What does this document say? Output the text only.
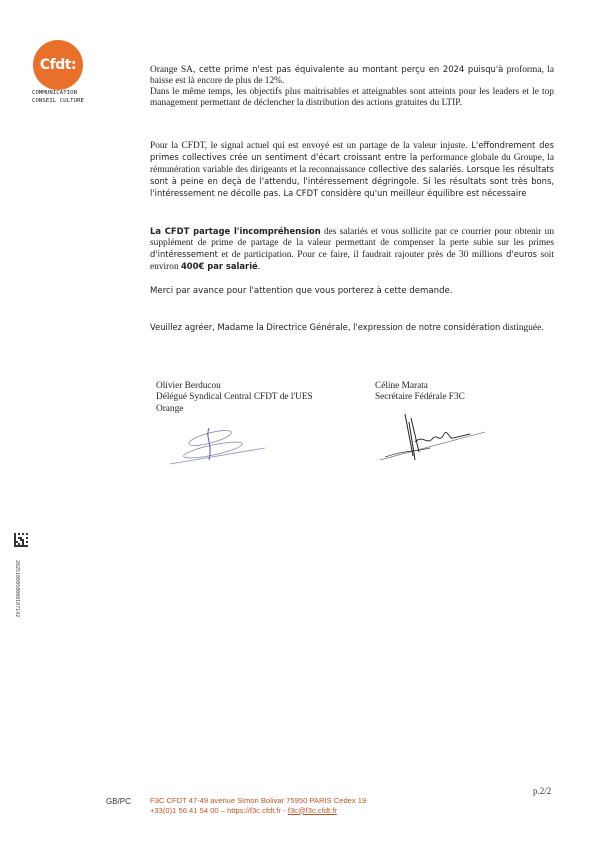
Cfdt:
COMMUNICATION
CONSEIL CULTURE
Orange SA, cette prime n'est pas équivalente au montant perçu en 2024 puisqu'à proforma, la baisse est là encore de plus de 12%.
Dans le même temps, les objectifs plus maitrisables et atteignables sont atteints pour les leaders et le top management permettant de déclencher la distribution des actions gratuites du LTIP.
Pour la CFDT, le signal actuel qui est envoyé est un partage de la valeur injuste. L'effondrement des primes collectives crée un sentiment d'écart croissant entre la performance globale du Groupe, la rémunération variable des dirigeants et la reconnaissance collective des salariés. Lorsque les résultats sont à peine en deçà de l'attendu, l'intéressement dégringole. Si les résultats sont très bons, l'intéressement ne décolle pas. La CFDT considère qu'un meilleur équilibre est nécessaire
La CFDT partage l'incompréhension des salariés et vous sollicite par ce courrier pour obtenir un supplément de prime de partage de la valeur permettant de compenser la perte subie sur les primes d'intéressement et de participation. Pour ce faire, il faudrait rajouter près de 30 millions d'euros soit environ 400€ par salarié.
Merci par avance pour l'attention que vous porterez à cette demande.
Veuillez agréer, Madame la Directrice Générale, l'expression de notre considération distinguée.
Olivier Berducou
Délégué Syndical Central CFDT de l'UES
Orange
Céline Marata
Secrétaire Fédérale F3C
2025100050000107142
GB/PC	F3C CFDT 47-49 avenue Simon Bolivar 75950 PARIS Cedex 19
+33(0)1 56 41 54 00 – https://f3c.cfdt.fr - f3c@f3c.cfdt.fr
p.2/2
